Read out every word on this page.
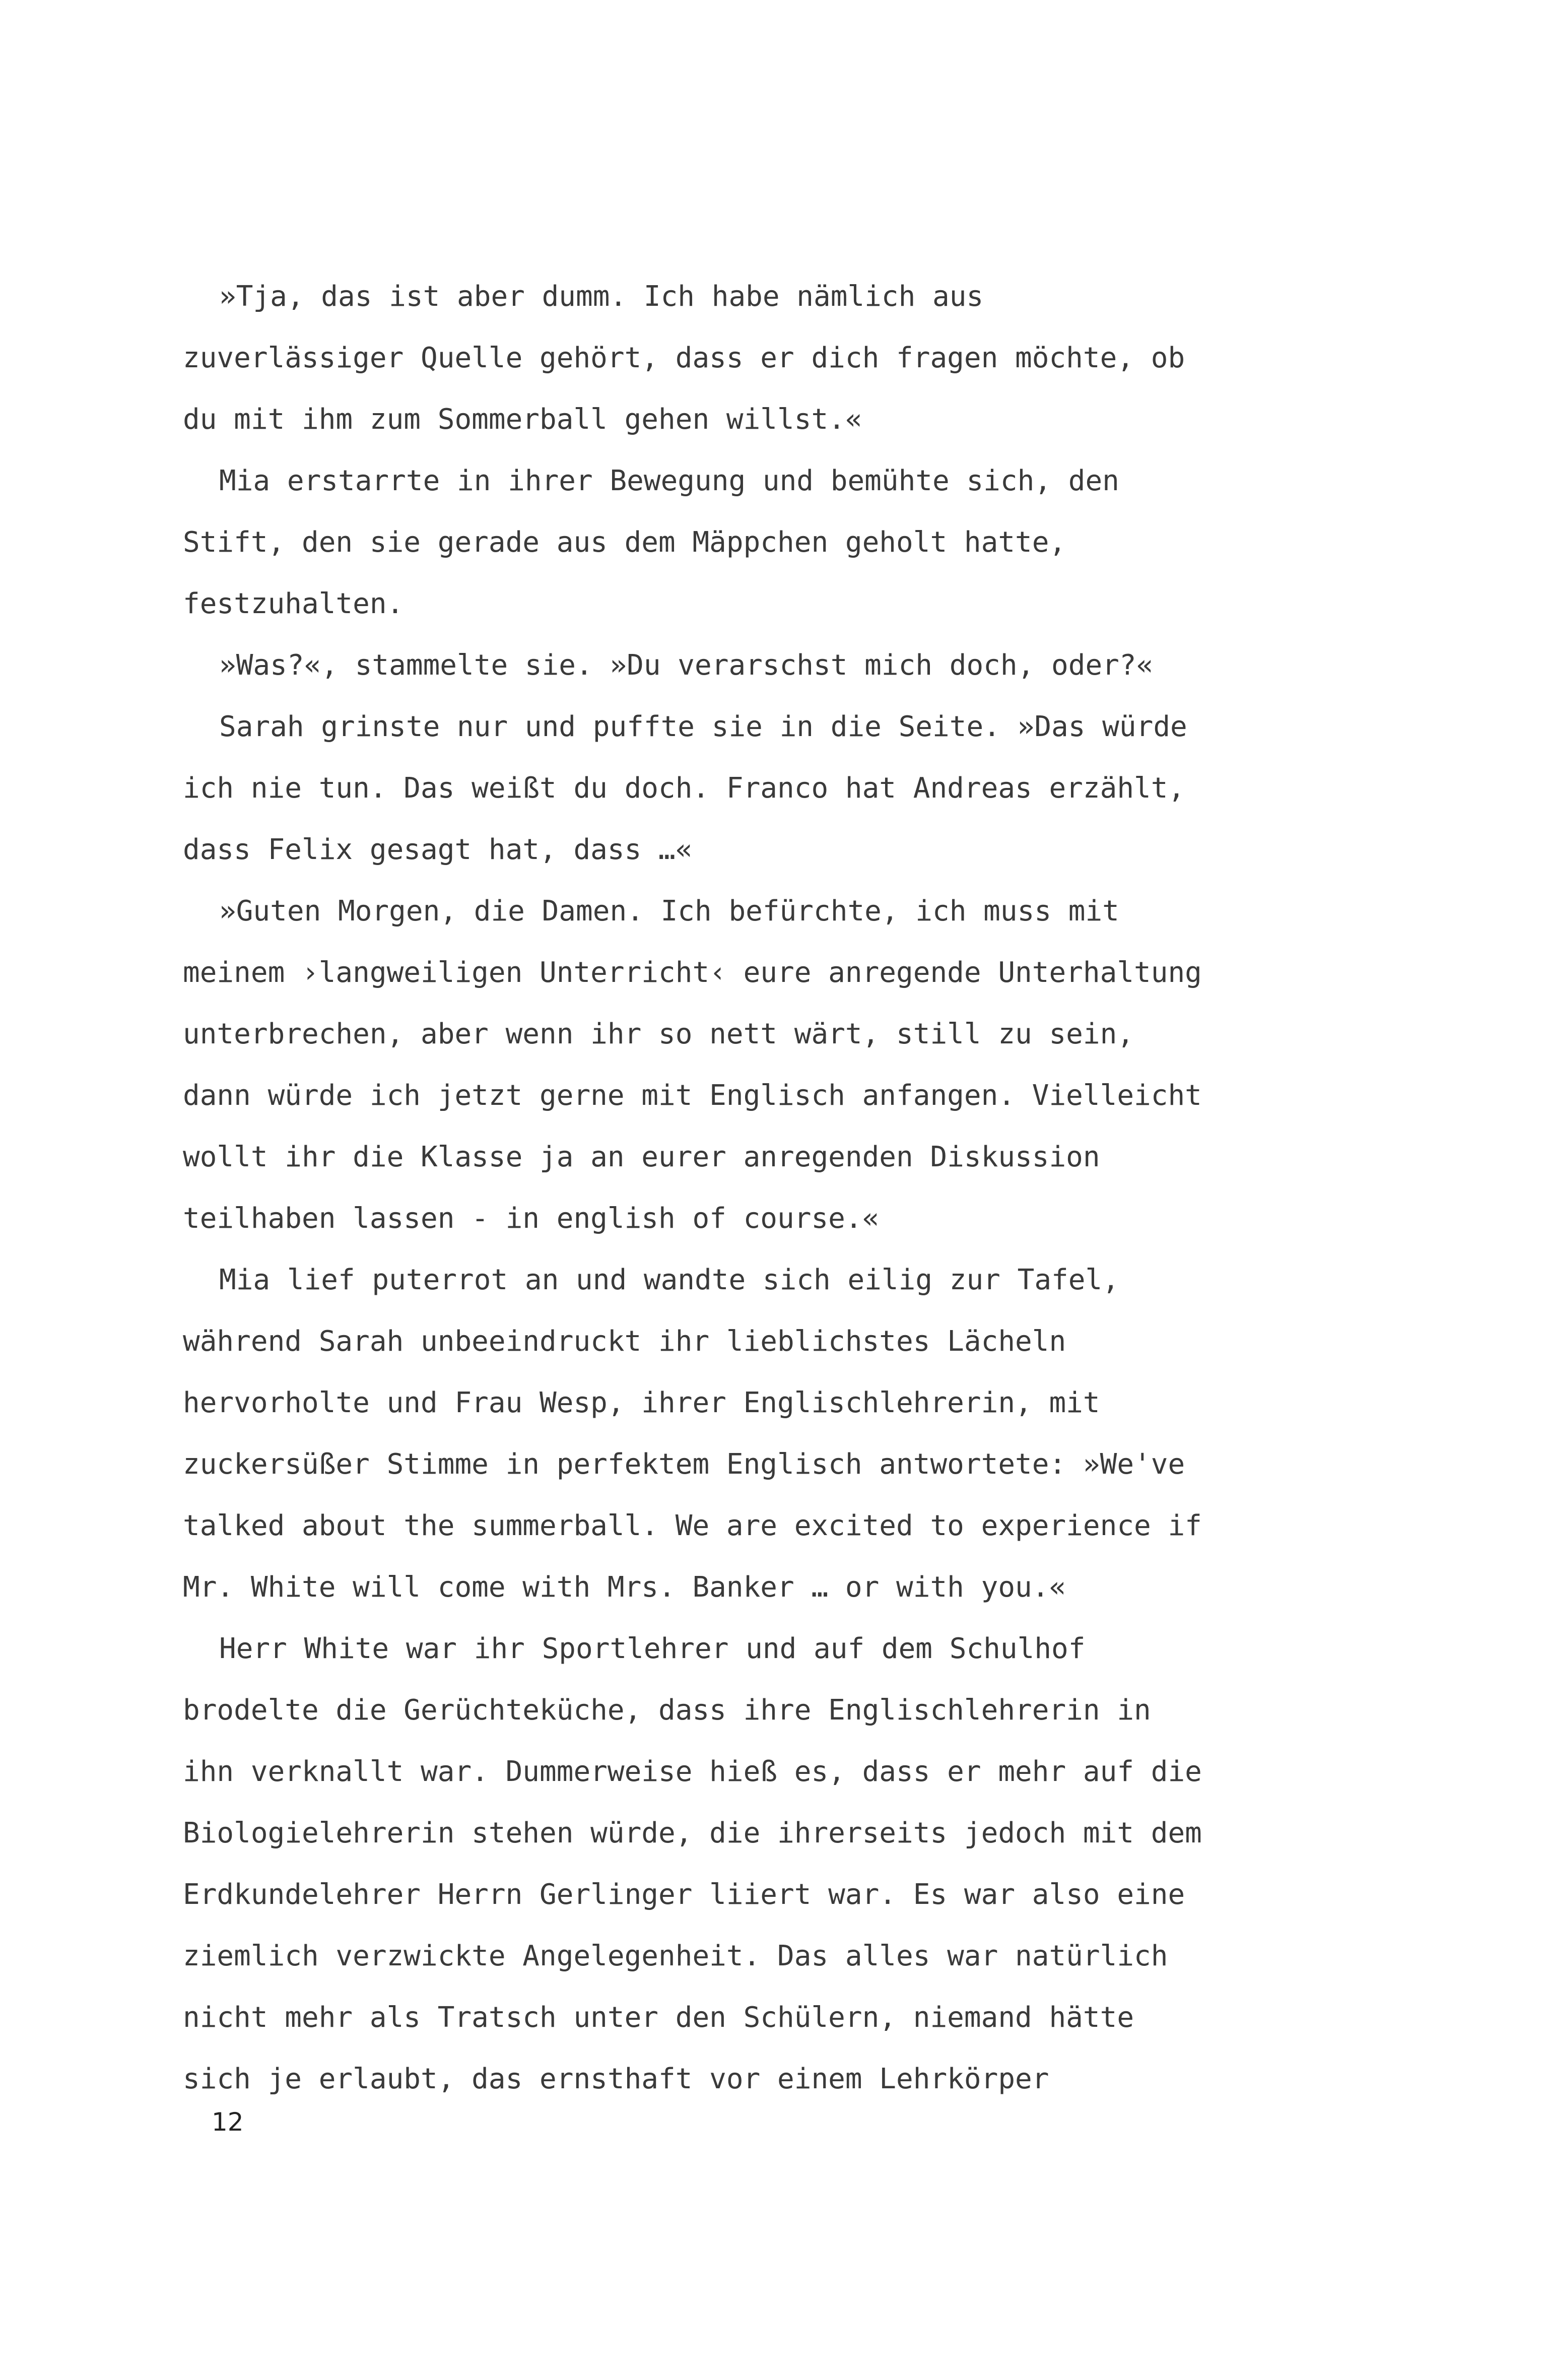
»Tja, das ist aber dumm. Ich habe nämlich aus
zuverlässiger Quelle gehört, dass er dich fragen möchte, ob
du mit ihm zum Sommerball gehen willst.«
Mia erstarrte in ihrer Bewegung und bemühte sich, den
Stift, den sie gerade aus dem Mäppchen geholt hatte,
festzuhalten.
»Was?«, stammelte sie. »Du verarschst mich doch, oder?«
Sarah grinste nur und puffte sie in die Seite. »Das würde
ich nie tun. Das weißt du doch. Franco hat Andreas erzählt,
dass Felix gesagt hat, dass …«
»Guten Morgen, die Damen. Ich befürchte, ich muss mit
meinem ›langweiligen Unterricht‹ eure anregende Unterhaltung
unterbrechen, aber wenn ihr so nett wärt, still zu sein,
dann würde ich jetzt gerne mit Englisch anfangen. Vielleicht
wollt ihr die Klasse ja an eurer anregenden Diskussion
teilhaben lassen - in english of course.«
Mia lief puterrot an und wandte sich eilig zur Tafel,
während Sarah unbeeindruckt ihr lieblichstes Lächeln
hervorholte und Frau Wesp, ihrer Englischlehrerin, mit
zuckersüßer Stimme in perfektem Englisch antwortete: »We've
talked about the summerball. We are excited to experience if
Mr. White will come with Mrs. Banker … or with you.«
Herr White war ihr Sportlehrer und auf dem Schulhof
brodelte die Gerüchteküche, dass ihre Englischlehrerin in
ihn verknallt war. Dummerweise hieß es, dass er mehr auf die
Biologielehrerin stehen würde, die ihrerseits jedoch mit dem
Erdkundelehrer Herrn Gerlinger liiert war. Es war also eine
ziemlich verzwickte Angelegenheit. Das alles war natürlich
nicht mehr als Tratsch unter den Schülern, niemand hätte
sich je erlaubt, das ernsthaft vor einem Lehrkörper
12
